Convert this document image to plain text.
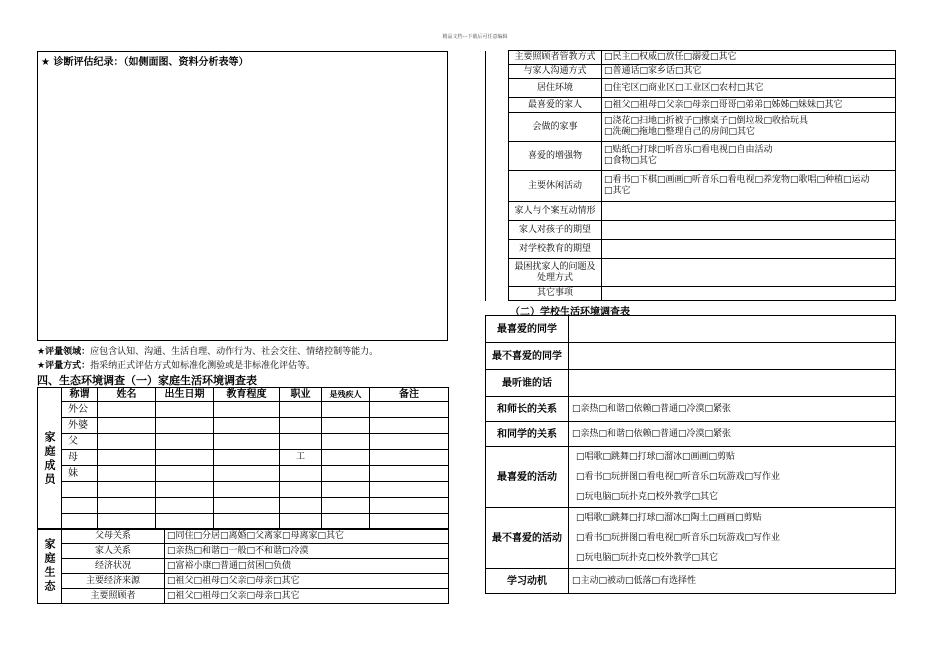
精品文档---下载后可任意编辑
★ 诊断评估纪录：（如侧面图、资料分析表等）
★评量领域：应包含认知、沟通、生活自理、动作行为、社会交往、情绪控制等能力。
★评量方式：指采纳正式评估方式如标准化测验或是非标准化评估等。
四、生态环境调查（一）家庭生活环境调查表
家庭成员	称谓	姓名	出生日期	教育程度	职业	是残疾人	备注
	外公						
	外婆						
	父						
	母				工		
	妹						

家庭生态	父母关系	□同住□分居□离婚□父离家□母离家□其它
	家人关系	□亲热□和谐□一般□不和谐□冷漠
	经济状况	□富裕小康□普通□贫困□负债
	主要经济来源	□祖父□祖母□父亲□母亲□其它
	主要照顾者	□祖父□祖母□父亲□母亲□其它
	主要照顾者管教方式	□民主□权威□放任□溺爱□其它

	与家人沟通方式	□普通话□家乡话□其它

	居住环境	□住宅区□商业区□工业区□农村□其它

	最喜爱的家人	□祖父□祖母□父亲□母亲□哥哥□弟弟□姊姊□妹妹□其它

	会做的家事	□浇花□扫地□折被子□擦桌子□倒垃圾□收拾玩具
□洗碗□拖地□整理自己的房间□其它

	喜爱的增强物	□贴纸□打球□听音乐□看电视□自由活动
□食物□其它

	主要休闲活动	□看书□下棋□画画□听音乐□看电视□养宠物□歌唱□种植□运动
□其它

	家人与个案互动情形	

	家人对孩子的期望	

	对学校教育的期望	

	最困扰家人的问题及处理方式	

	其它事项	
（二）学校生活环境调查表
最喜爱的同学	

最不喜爱的同学	

最听谁的话	

和师长的关系	□亲热□和谐□依赖□普通□冷漠□紧张

和同学的关系	□亲热□和谐□依赖□普通□冷漠□紧张

最喜爱的活动	□唱歌□跳舞□打球□溜冰□画画□剪贴
□看书□玩拼图□看电视□听音乐□玩游戏□写作业
□玩电脑□玩扑克□校外教学□其它

最不喜爱的活动	□唱歌□跳舞□打球□溜冰□陶土□画画□剪贴
□看书□玩拼图□看电视□听音乐□玩游戏□写作业
□玩电脑□玩扑克□校外教学□其它

学习动机	□主动□被动□低落□有选择性
